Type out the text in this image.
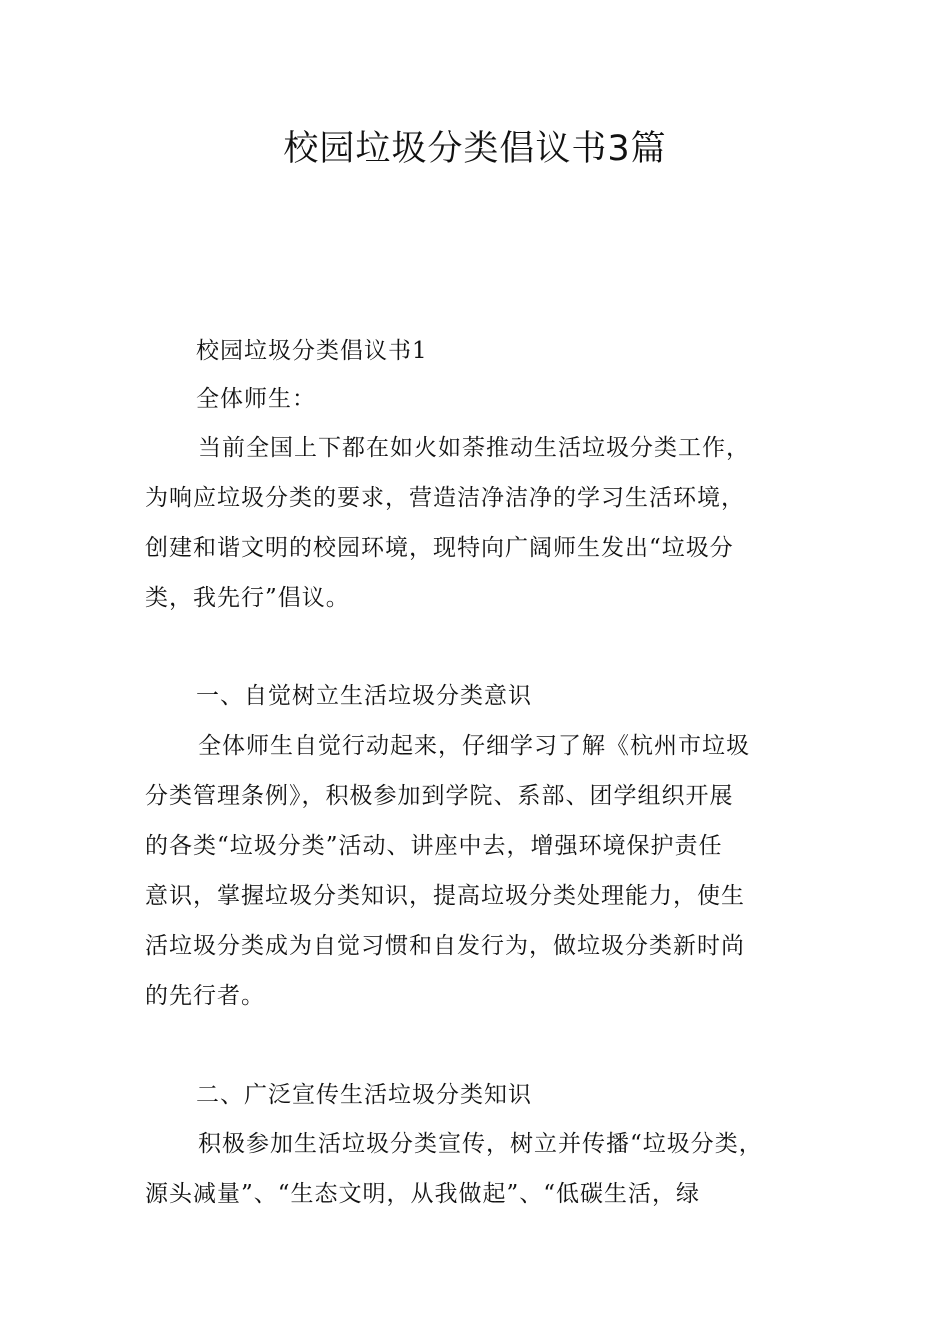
校园垃圾分类倡议书3篇

校园垃圾分类倡议书1

全体师生：

当前全国上下都在如火如荼推动生活垃圾分类工作，

为响应垃圾分类的要求，营造洁净洁净的学习生活环境，

创建和谐文明的校园环境，现特向广阔师生发出“垃圾分

类，我先行”倡议。

一、自觉树立生活垃圾分类意识

全体师生自觉行动起来，仔细学习了解《杭州市垃圾

分类管理条例》，积极参加到学院、系部、团学组织开展

的各类“垃圾分类”活动、讲座中去，增强环境保护责任

意识，掌握垃圾分类知识，提高垃圾分类处理能力，使生

活垃圾分类成为自觉习惯和自发行为，做垃圾分类新时尚

的先行者。

二、广泛宣传生活垃圾分类知识

积极参加生活垃圾分类宣传，树立并传播“垃圾分类，

源头减量”、“生态文明，从我做起”、“低碳生活，绿
